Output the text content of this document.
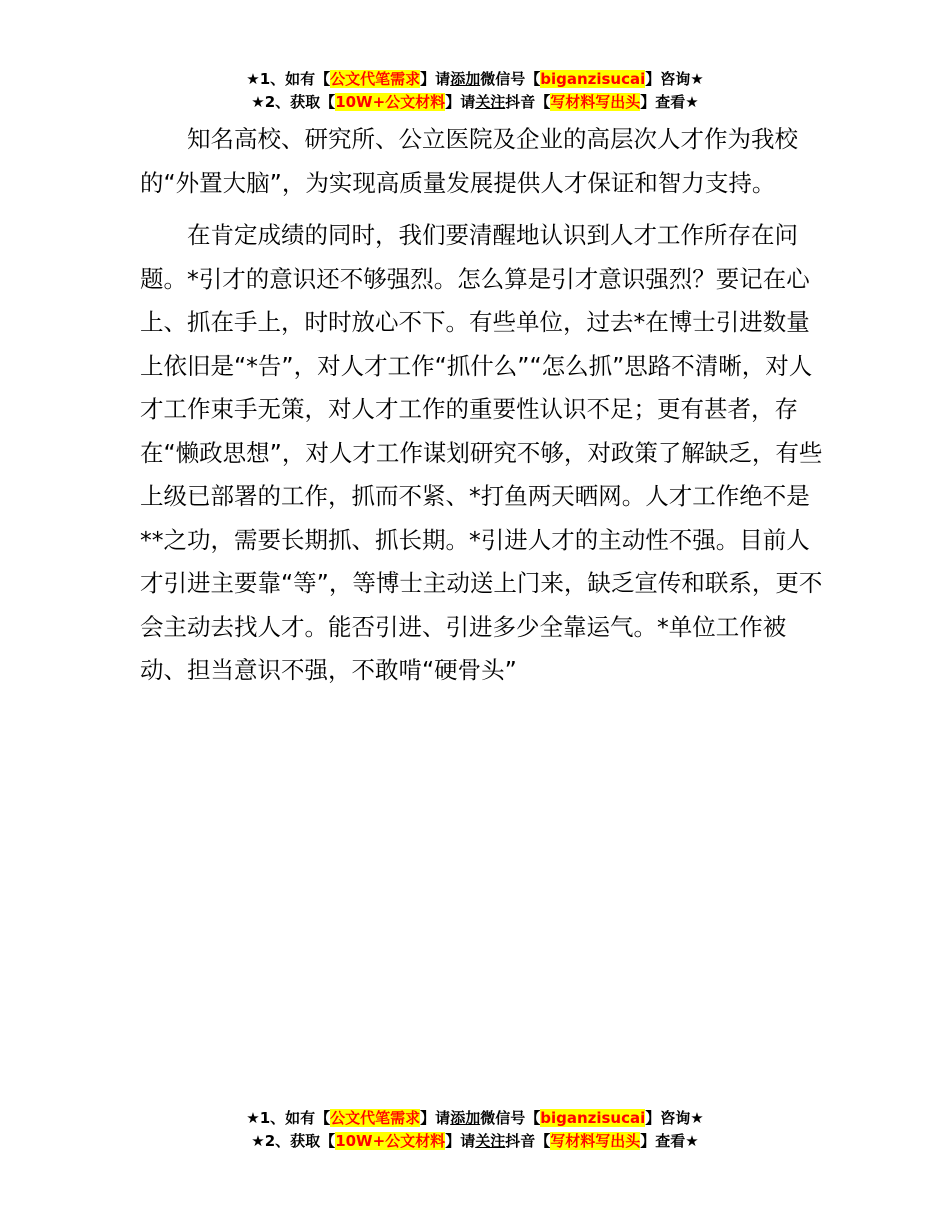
★1、如有【公文代笔需求】请添加微信号【biganzisucai】咨询★
★2、获取【10W+公文材料】请关注抖音【写材料写出头】查看★

知名高校、研究所、公立医院及企业的高层次人才作为我校的“外置大脑”，为实现高质量发展提供人才保证和智力支持。

在肯定成绩的同时，我们要清醒地认识到人才工作所存在问题。*引才的意识还不够强烈。怎么算是引才意识强烈？要记在心上、抓在手上，时时放心不下。有些单位，过去*在博士引进数量上依旧是“*告”，对人才工作“抓什么”“怎么抓”思路不清晰，对人才工作束手无策，对人才工作的重要性认识不足；更有甚者，存在“懒政思想”，对人才工作谋划研究不够，对政策了解缺乏，有些上级已部署的工作，抓而不紧、*打鱼两天晒网。人才工作绝不是**之功，需要长期抓、抓长期。*引进人才的主动性不强。目前人才引进主要靠“等”，等博士主动送上门来，缺乏宣传和联系，更不会主动去找人才。能否引进、引进多少全靠运气。*单位工作被动、担当意识不强，不敢啃“硬骨头”

★1、如有【公文代笔需求】请添加微信号【biganzisucai】咨询★
★2、获取【10W+公文材料】请关注抖音【写材料写出头】查看★
